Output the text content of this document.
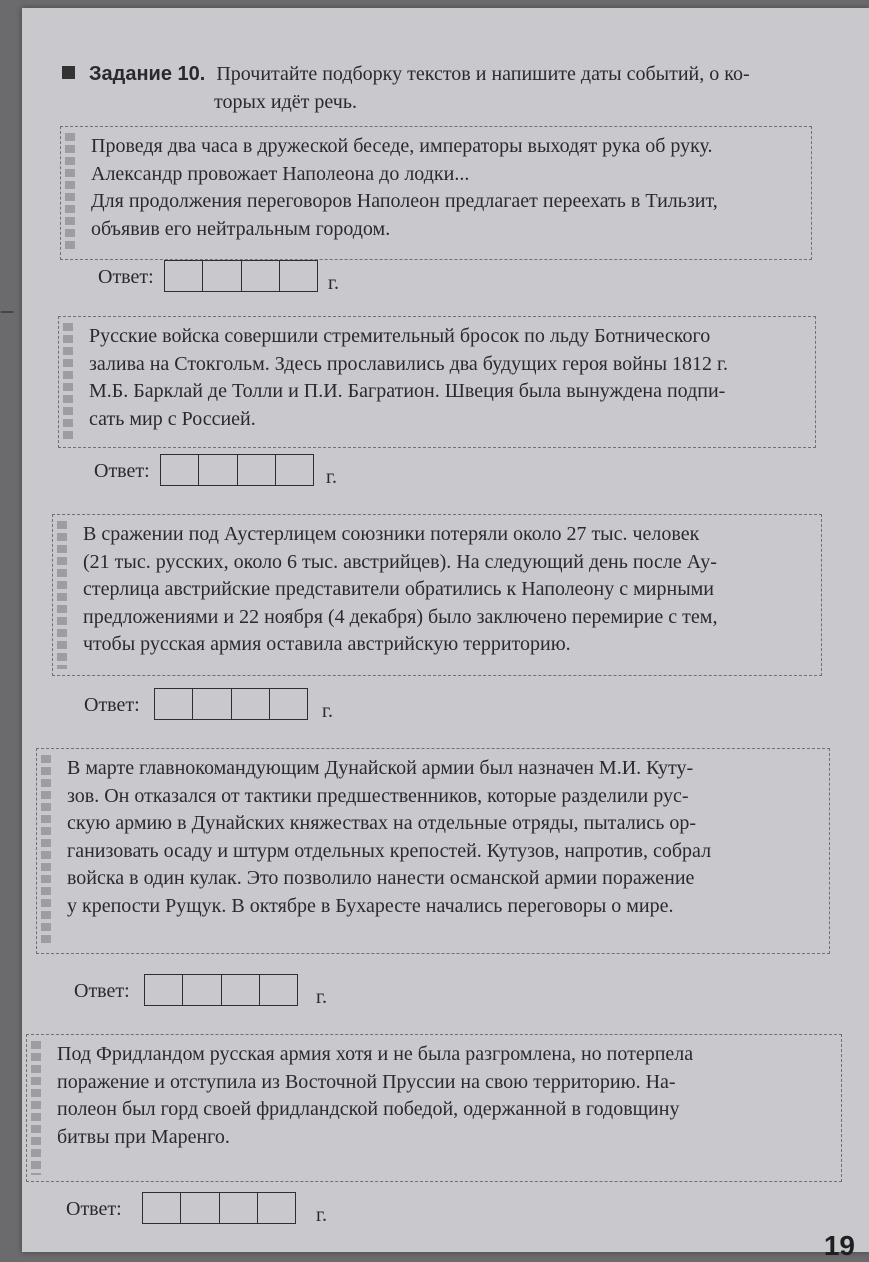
—
Задание 10. Прочитайте подборку текстов и напишите даты событий, о ко-
торых идёт речь.
Проведя два часа в дружеской беседе, императоры выходят рука об руку.
Александр провожает Наполеона до лодки...
Для продолжения переговоров Наполеон предлагает переехать в Тильзит,
объявив его нейтральным городом.
Ответ:	г.
Русские войска совершили стремительный бросок по льду Ботнического
залива на Стокгольм. Здесь прославились два будущих героя войны 1812 г.
М.Б. Барклай де Толли и П.И. Багратион. Швеция была вынуждена подпи-
сать мир с Россией.
Ответ:	г.
В сражении под Аустерлицем союзники потеряли около 27 тыс. человек
(21 тыс. русских, около 6 тыс. австрийцев). На следующий день после Ау-
стерлица австрийские представители обратились к Наполеону с мирными
предложениями и 22 ноября (4 декабря) было заключено перемирие с тем,
чтобы русская армия оставила австрийскую территорию.
Ответ:	г.
В марте главнокомандующим Дунайской армии был назначен М.И. Куту-
зов. Он отказался от тактики предшественников, которые разделили рус-
скую армию в Дунайских княжествах на отдельные отряды, пытались ор-
ганизовать осаду и штурм отдельных крепостей. Кутузов, напротив, собрал
войска в один кулак. Это позволило нанести османской армии поражение
у крепости Рущук. В октябре в Бухаресте начались переговоры о мире.
Ответ:	г.
Под Фридландом русская армия хотя и не была разгромлена, но потерпела
поражение и отступила из Восточной Пруссии на свою территорию. На-
полеон был горд своей фридландской победой, одержанной в годовщину
битвы при Маренго.
Ответ:	г.
19
